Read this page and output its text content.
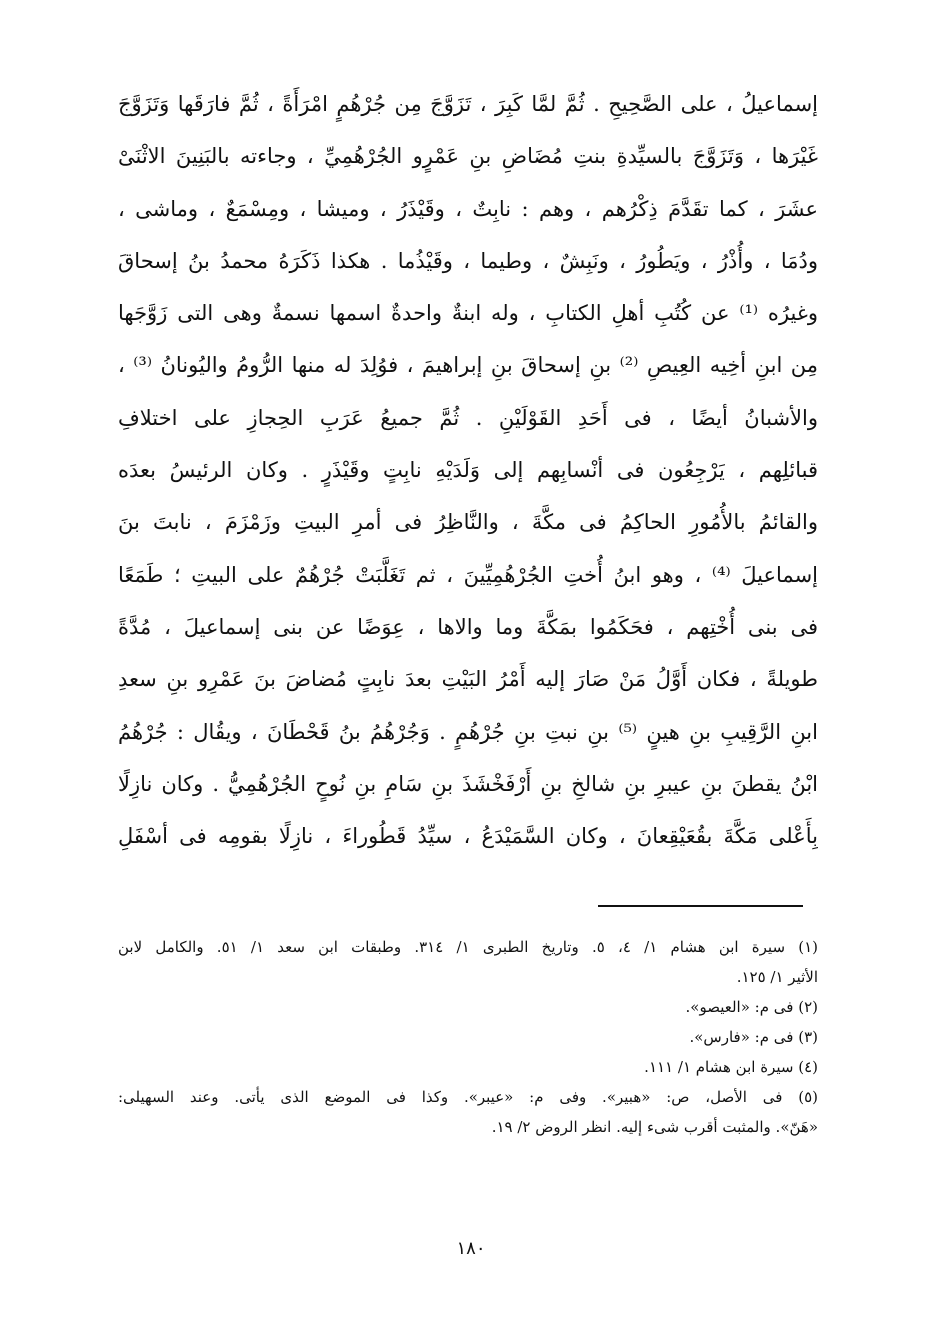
إسماعيلُ ، على الصَّحِيحِ . ثُمَّ لمَّا كَبِرَ ، تَزَوَّجَ مِن جُرْهُمٍ امْرَأَةً ، ثُمَّ فارَقَها وَتَزَوَّجَ
غَيْرَها ، وَتَزَوَّجَ بالسيِّدةِ بنتِ مُضَاضِ بنِ عَمْرٍو الجُرْهُمِيِّ ، وجاءته بالبَنِينَ الاثْنَىْ
عشَرَ ، كما تقَدَّمَ ذِكْرُهم ، وهم : نابِتٌ ، وقَيْذَرُ ، وميشا ، ومِسْمَعٌ ، وماشى ،
ودُمَا ، وأُذْرُ ، ويَطُورُ ، ونَبِشٌ ، وطيما ، وقَيْذُما . هكذا ذَكَرَهُ محمدُ بنُ إسحاقَ
وغيرُه ⁽¹⁾ عن كُتُبِ أهلِ الكتابِ ، وله ابنةٌ واحدةٌ اسمها نسمةٌ وهى التى زَوَّجَها
مِن ابنِ أخِيه العِيصِ ⁽²⁾ بنِ إسحاقَ بنِ إبراهيمَ ، فوُلِدَ له منها الرُّومُ واليُونانُ ⁽³⁾ ،
والأشبانُ أيضًا ، فى أَحَدِ القَوْلَيْنِ . ثُمَّ جميعُ عَرَبِ الحِجازِ على اختلافِ
قبائلِهم ، يَرْجِعُون فى أنْسابِهم إلى وَلَدَيْهِ نابِتٍ وقَيْذَرٍ . وكان الرئيسُ بعدَه
والقائمُ بالأُمُورِ الحاكِمُ فى مكَّةَ ، والنَّاظِرُ فى أمرِ البيتِ وزَمْزَمَ ، نابتَ بنَ
إسماعيلَ ⁽⁴⁾ ، وهو ابنُ أُختِ الجُرْهُمِيِّينَ ، ثم تَغَلَّبَتْ جُرْهُمٌ على البيتِ ؛ طَمَعًا
فى بنى أُخْتِهم ، فحَكَمُوا بمَكَّةَ وما والاها ، عِوَضًا عن بنى إسماعيلَ ، مُدَّةً
طويلةً ، فكان أَوَّلُ مَنْ صَارَ إليه أَمْرُ البَيْتِ بعدَ نابِتٍ مُضاضَ بنَ عَمْرِو بنِ سعدِ
ابنِ الرَّقِيبِ بنِ هينٍ ⁽⁵⁾ بنِ نبتِ بنِ جُرْهُمٍ . وَجُرْهُمُ بنُ قَحْطَانَ ، ويقُال : جُرْهُمُ
ابْنُ يقطنَ بنِ عيبرِ بنِ شالخِ بنِ أَرْفَخْشَذَ بنِ سَامِ بنِ نُوحٍ الجُرْهُمِيُّ . وكان نازِلًا
بِأَعْلى مَكَّةَ بقُعَيْقِعانَ ، وكان السَّمَيْدَعُ ، سيِّدُ قَطُوراءَ ، نازِلًا بقومِه فى أسْفَلِ
(١) سيرة ابن هشام ١/ ٤، ٥. وتاريخ الطبرى ١/ ٣١٤. وطبقات ابن سعد ١/ ٥١. والكامل لابن
الأثير ١/ ١٢٥.
(٢) فى م: «العيصو».
(٣) فى م: «فارس».
(٤) سيرة ابن هشام ١/ ١١١.
(٥) فى الأصل، ص: «هبير». وفى م: «عيبر». وكذا فى الموضع الذى يأتى. وعند السهيلى:
«هَنّ». والمثبت أقرب شىء إليه. انظر الروض ٢/ ١٩.
١٨٠
